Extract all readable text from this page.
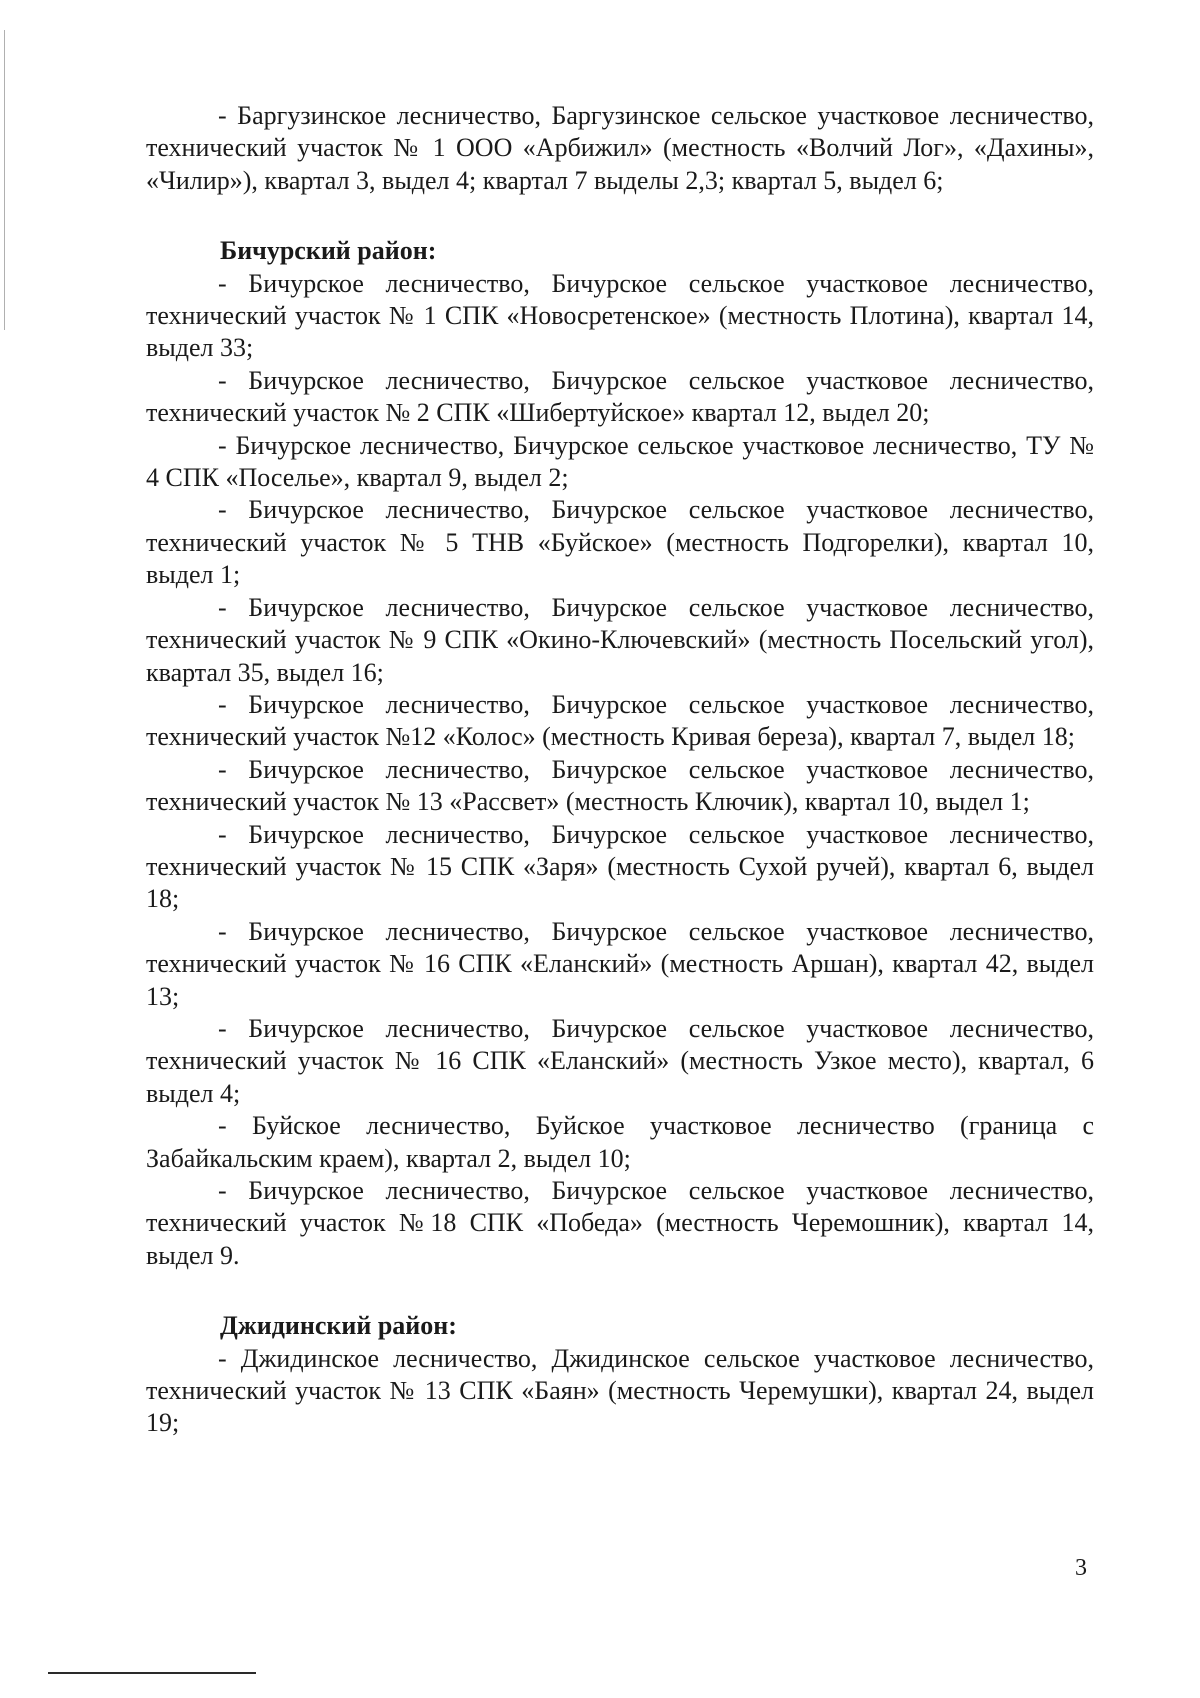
- Баргузинское лесничество, Баргузинское сельское участковое лесничество, технический участок № 1 ООО «Арбижил» (местность «Волчий Лог», «Дахины», «Чилир»), квартал 3, выдел 4; квартал 7 выделы 2,3; квартал 5, выдел 6;

Бичурский район:

- Бичурское лесничество, Бичурское сельское участковое лесничество, технический участок № 1 СПК «Новосретенское» (местность Плотина), квартал 14, выдел 33;

- Бичурское лесничество, Бичурское сельское участковое лесничество, технический участок № 2 СПК «Шибертуйское» квартал 12, выдел 20;

- Бичурское лесничество, Бичурское сельское участковое лесничество, ТУ № 4 СПК «Поселье», квартал 9, выдел 2;

- Бичурское лесничество, Бичурское сельское участковое лесничество, технический участок № 5 ТНВ «Буйское» (местность Подгорелки), квартал 10, выдел 1;

- Бичурское лесничество, Бичурское сельское участковое лесничество, технический участок № 9 СПК «Окино-Ключевский» (местность Посельский угол), квартал 35, выдел 16;

- Бичурское лесничество, Бичурское сельское участковое лесничество, технический участок №12 «Колос» (местность Кривая береза), квартал 7, выдел 18;

- Бичурское лесничество, Бичурское сельское участковое лесничество, технический участок № 13 «Рассвет» (местность Ключик), квартал 10, выдел 1;

- Бичурское лесничество, Бичурское сельское участковое лесничество, технический участок № 15 СПК «Заря» (местность Сухой ручей), квартал 6, выдел 18;

- Бичурское лесничество, Бичурское сельское участковое лесничество, технический участок № 16 СПК «Еланский» (местность Аршан), квартал 42, выдел 13;

- Бичурское лесничество, Бичурское сельское участковое лесничество, технический участок № 16 СПК «Еланский» (местность Узкое место), квартал, 6 выдел 4;

- Буйское лесничество, Буйское участковое лесничество (граница с Забайкальским краем), квартал 2, выдел 10;

- Бичурское лесничество, Бичурское сельское участковое лесничество, технический участок №18 СПК «Победа» (местность Черемошник), квартал 14, выдел 9.

Джидинский район:

- Джидинское лесничество, Джидинское сельское участковое лесничество, технический участок № 13 СПК «Баян» (местность Черемушки), квартал 24, выдел 19;

3
